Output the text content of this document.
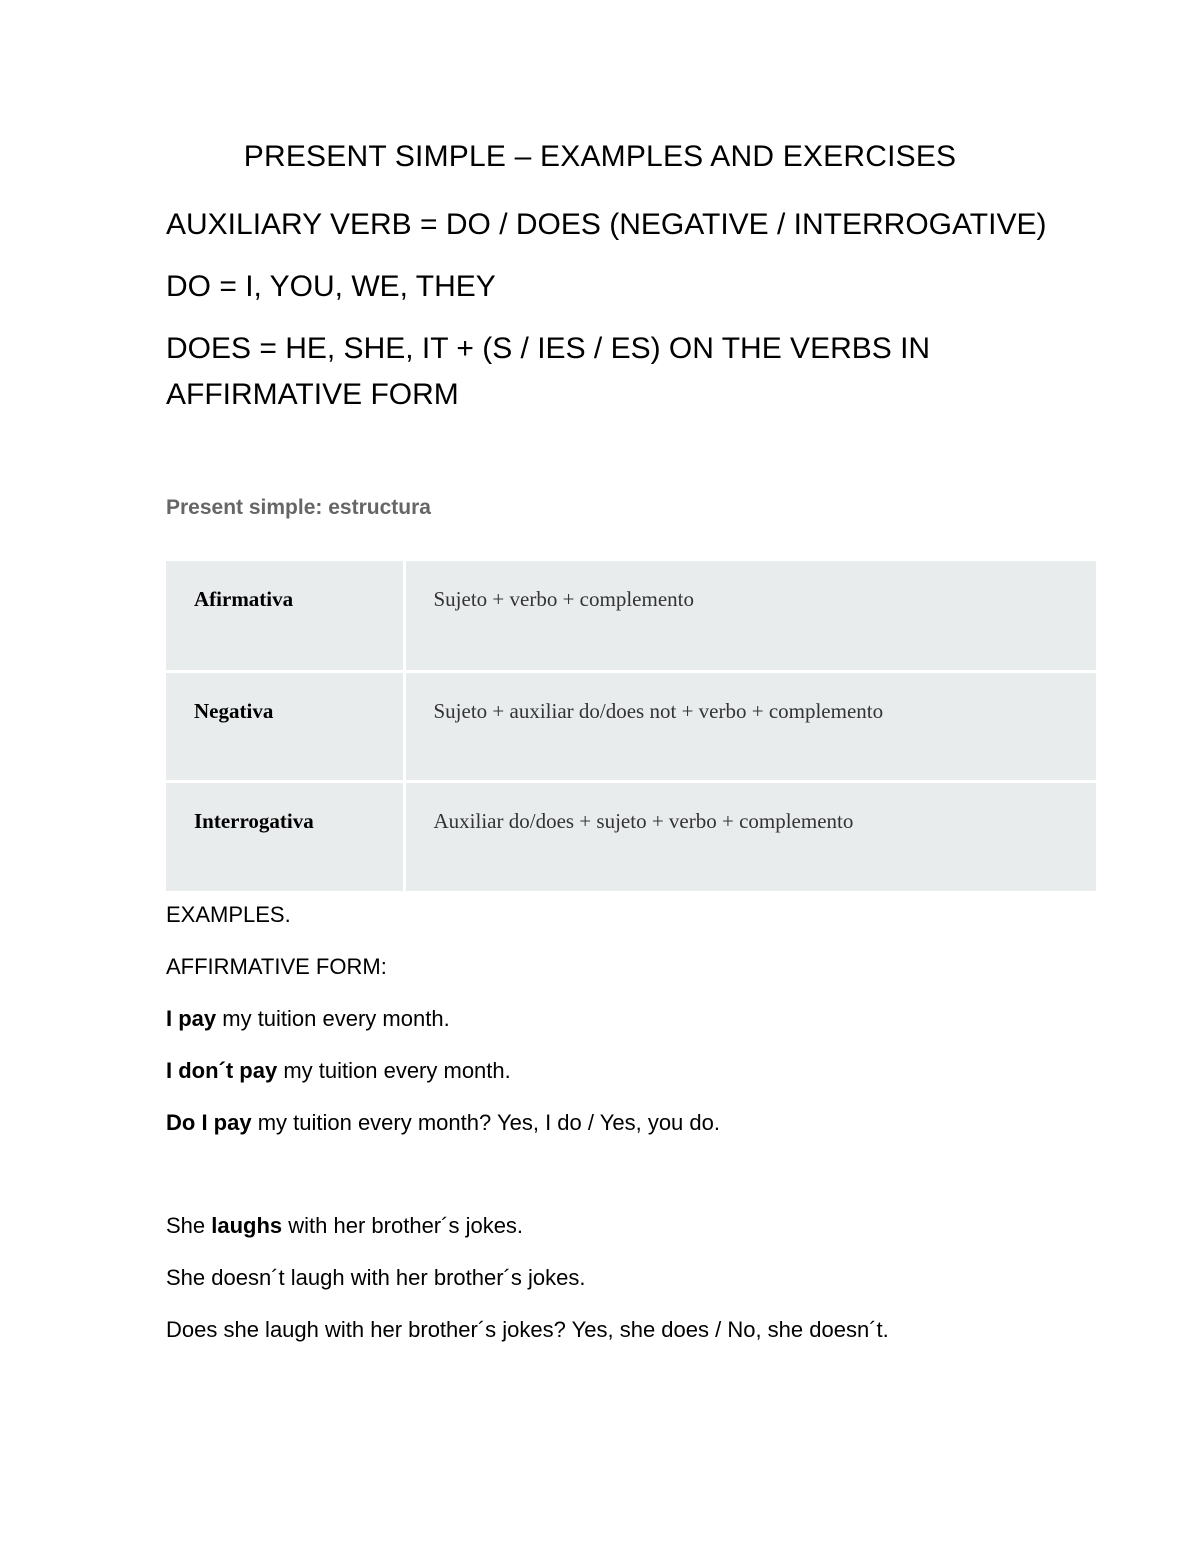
PRESENT SIMPLE – EXAMPLES AND EXERCISES
AUXILIARY VERB = DO / DOES (NEGATIVE / INTERROGATIVE)
DO = I, YOU, WE, THEY
DOES = HE, SHE, IT + (S / IES / ES) ON THE VERBS IN AFFIRMATIVE FORM
Present simple: estructura
Afirmativa	Sujeto + verbo + complemento
Negativa	Sujeto + auxiliar do/does not + verbo + complemento
Interrogativa	Auxiliar do/does + sujeto + verbo + complemento
EXAMPLES.
AFFIRMATIVE FORM:
I pay my tuition every month.
I don´t pay my tuition every month.
Do I pay my tuition every month? Yes, I do / Yes, you do.
She laughs with her brother´s jokes.
She doesn´t laugh with her brother´s jokes.
Does she laugh with her brother´s jokes? Yes, she does / No, she doesn´t.
